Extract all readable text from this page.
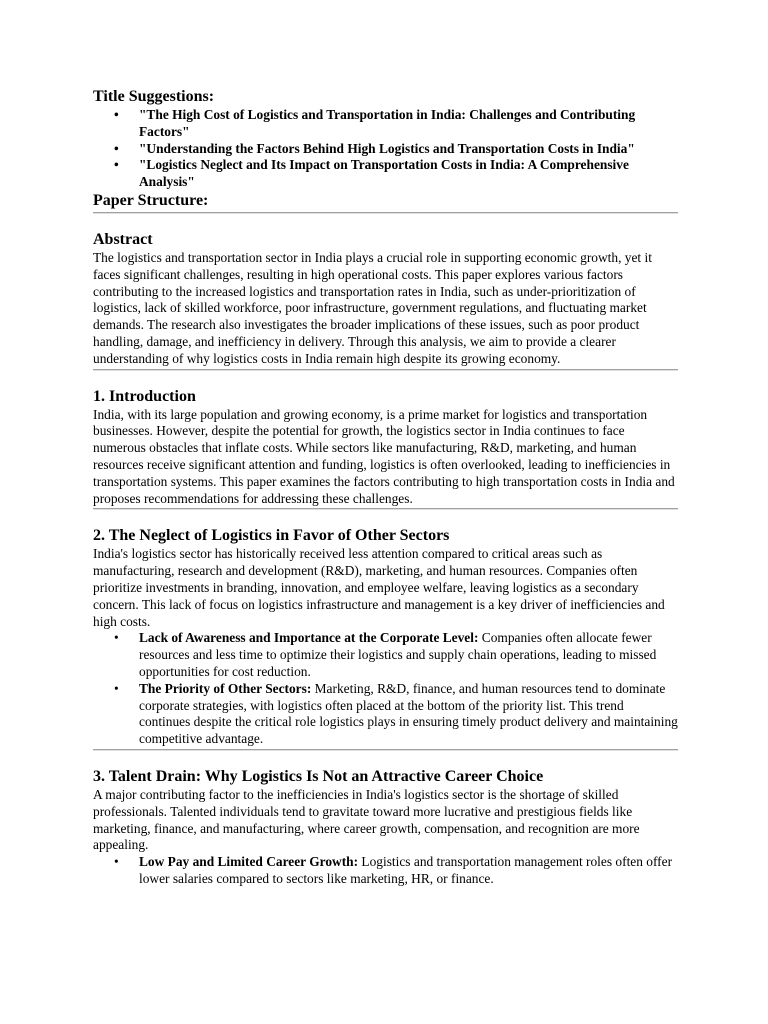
Title Suggestions:
• "The High Cost of Logistics and Transportation in India: Challenges and Contributing Factors"
• "Understanding the Factors Behind High Logistics and Transportation Costs in India"
• "Logistics Neglect and Its Impact on Transportation Costs in India: A Comprehensive Analysis"
Paper Structure:
Abstract

The logistics and transportation sector in India plays a crucial role in supporting economic growth, yet it faces significant challenges, resulting in high operational costs. This paper explores various factors contributing to the increased logistics and transportation rates in India, such as under-prioritization of logistics, lack of skilled workforce, poor infrastructure, government regulations, and fluctuating market demands. The research also investigates the broader implications of these issues, such as poor product handling, damage, and inefficiency in delivery. Through this analysis, we aim to provide a clearer understanding of why logistics costs in India remain high despite its growing economy.

1. Introduction

India, with its large population and growing economy, is a prime market for logistics and transportation businesses. However, despite the potential for growth, the logistics sector in India continues to face numerous obstacles that inflate costs. While sectors like manufacturing, R&D, marketing, and human resources receive significant attention and funding, logistics is often overlooked, leading to inefficiencies in transportation systems. This paper examines the factors contributing to high transportation costs in India and proposes recommendations for addressing these challenges.

2. The Neglect of Logistics in Favor of Other Sectors

India's logistics sector has historically received less attention compared to critical areas such as manufacturing, research and development (R&D), marketing, and human resources. Companies often prioritize investments in branding, innovation, and employee welfare, leaving logistics as a secondary concern. This lack of focus on logistics infrastructure and management is a key driver of inefficiencies and high costs.

• Lack of Awareness and Importance at the Corporate Level: Companies often allocate fewer resources and less time to optimize their logistics and supply chain operations, leading to missed opportunities for cost reduction.
• The Priority of Other Sectors: Marketing, R&D, finance, and human resources tend to dominate corporate strategies, with logistics often placed at the bottom of the priority list. This trend continues despite the critical role logistics plays in ensuring timely product delivery and maintaining competitive advantage.
3. Talent Drain: Why Logistics Is Not an Attractive Career Choice

A major contributing factor to the inefficiencies in India's logistics sector is the shortage of skilled professionals. Talented individuals tend to gravitate toward more lucrative and prestigious fields like marketing, finance, and manufacturing, where career growth, compensation, and recognition are more appealing.

• Low Pay and Limited Career Growth: Logistics and transportation management roles often offer lower salaries compared to sectors like marketing, HR, or finance.
